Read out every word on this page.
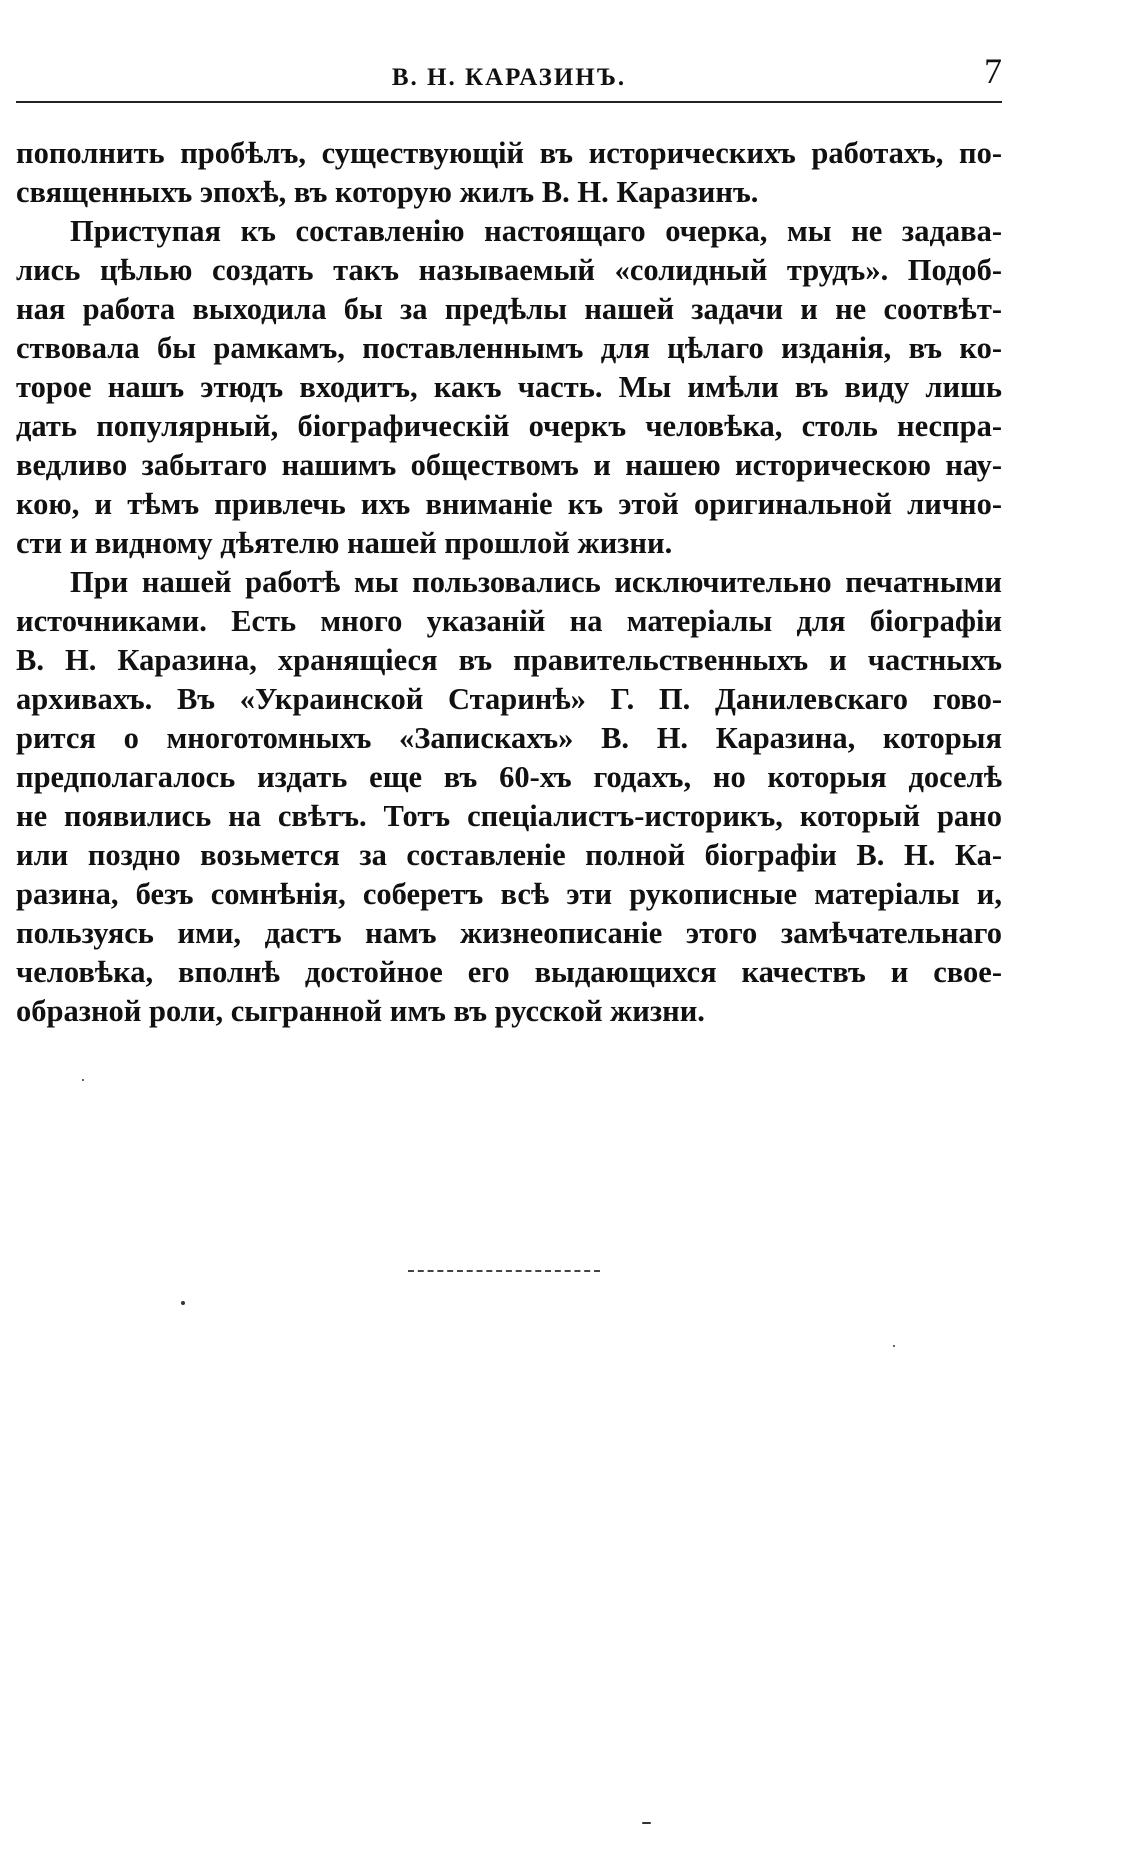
В. Н. КАРАЗИНЪ.	7
пополнить пробѣлъ, существующій въ историческихъ работахъ, по-
священныхъ эпохѣ, въ которую жилъ В. Н. Каразинъ.
Приступая къ составленію настоящаго очерка, мы не задава-
лись цѣлью создать такъ называемый «солидный трудъ». Подоб-
ная работа выходила бы за предѣлы нашей задачи и не соотвѣт-
ствовала бы рамкамъ, поставленнымъ для цѣлаго изданія, въ ко-
торое нашъ этюдъ входитъ, какъ часть. Мы имѣли въ виду лишь
дать популярный, біографическій очеркъ человѣка, столь неспра-
ведливо забытаго нашимъ обществомъ и нашею историческою нау-
кою, и тѣмъ привлечь ихъ вниманіе къ этой оригинальной лично-
сти и видному дѣятелю нашей прошлой жизни.
При нашей работѣ мы пользовались исключительно печатными
источниками. Есть много указаній на матеріалы для біографіи
В. Н. Каразина, хранящіеся въ правительственныхъ и частныхъ
архивахъ. Въ «Украинской Старинѣ» Г. П. Данилевскаго гово-
рится о многотомныхъ «Запискахъ» В. Н. Каразина, которыя
предполагалось издать еще въ 60-хъ годахъ, но которыя доселѣ
не появились на свѣтъ. Тотъ спеціалистъ-историкъ, который рано
или поздно возьмется за составленіе полной біографіи В. Н. Ка-
разина, безъ сомнѣнія, соберетъ всѣ эти рукописные матеріалы и,
пользуясь ими, дастъ намъ жизнеописаніе этого замѣчательнаго
человѣка, вполнѣ достойное его выдающихся качествъ и свое-
образной роли, сыгранной имъ въ русской жизни.
